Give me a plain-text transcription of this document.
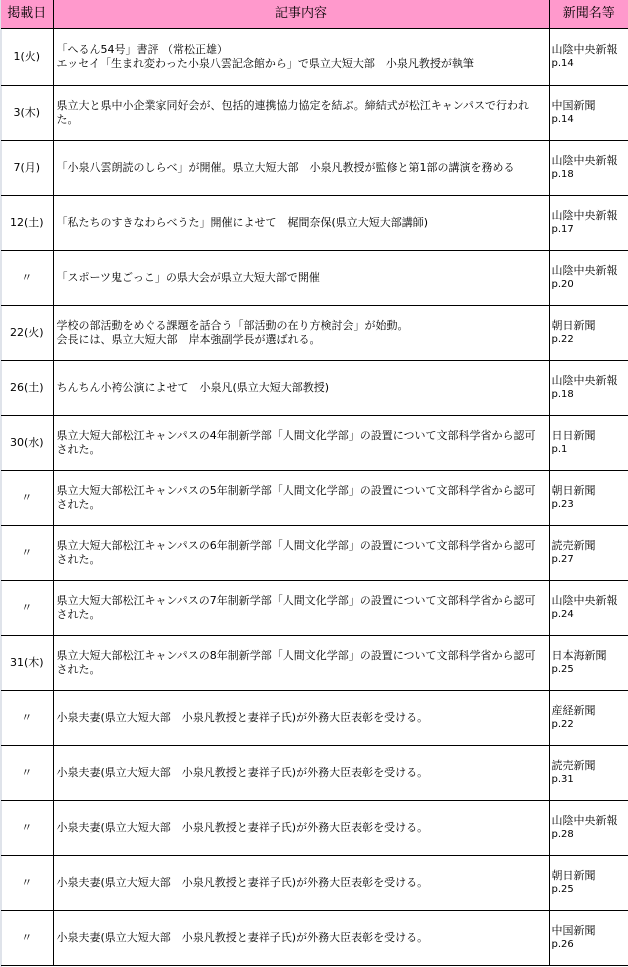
掲載日	記事内容	新聞名等
1(火)	「へるん54号」書評 （常松正雄）
エッセイ「生まれ変わった小泉八雲記念館から」で県立大短大部　小泉凡教授が執筆	山陰中央新報
p.14

3(木)	県立大と県中小企業家同好会が、包括的連携協力協定を結ぶ。締結式が松江キャンパスで行われた。	中国新聞
p.14

7(月)	「小泉八雲朗読のしらべ」が開催。県立大短大部　小泉凡教授が監修と第1部の講演を務める	山陰中央新報
p.18

12(土)	「私たちのすきなわらべうた」開催によせて　梶間奈保(県立大短大部講師)	山陰中央新報
p.17

〃	「スポーツ鬼ごっこ」の県大会が県立大短大部で開催	山陰中央新報
p.20

22(火)	学校の部活動をめぐる課題を話合う「部活動の在り方検討会」が始動。
会長には、県立大短大部　岸本強副学長が選ばれる。	朝日新聞
p.22

26(土)	ちんちん小袴公演によせて　小泉凡(県立大短大部教授)	山陰中央新報
p.18

30(水)	県立大短大部松江キャンパスの4年制新学部「人間文化学部」の設置について文部科学省から認可された。	日日新聞
p.1

〃	県立大短大部松江キャンパスの5年制新学部「人間文化学部」の設置について文部科学省から認可された。	朝日新聞
p.23

〃	県立大短大部松江キャンパスの6年制新学部「人間文化学部」の設置について文部科学省から認可された。	読売新聞
p.27

〃	県立大短大部松江キャンパスの7年制新学部「人間文化学部」の設置について文部科学省から認可された。	山陰中央新報
p.24

31(木)	県立大短大部松江キャンパスの8年制新学部「人間文化学部」の設置について文部科学省から認可された。	日本海新聞
p.25

〃	小泉夫妻(県立大短大部　小泉凡教授と妻祥子氏)が外務大臣表彰を受ける。	産経新聞
p.22

〃	小泉夫妻(県立大短大部　小泉凡教授と妻祥子氏)が外務大臣表彰を受ける。	読売新聞
p.31

〃	小泉夫妻(県立大短大部　小泉凡教授と妻祥子氏)が外務大臣表彰を受ける。	山陰中央新報
p.28

〃	小泉夫妻(県立大短大部　小泉凡教授と妻祥子氏)が外務大臣表彰を受ける。	朝日新聞
p.25

〃	小泉夫妻(県立大短大部　小泉凡教授と妻祥子氏)が外務大臣表彰を受ける。	中国新聞
p.26
